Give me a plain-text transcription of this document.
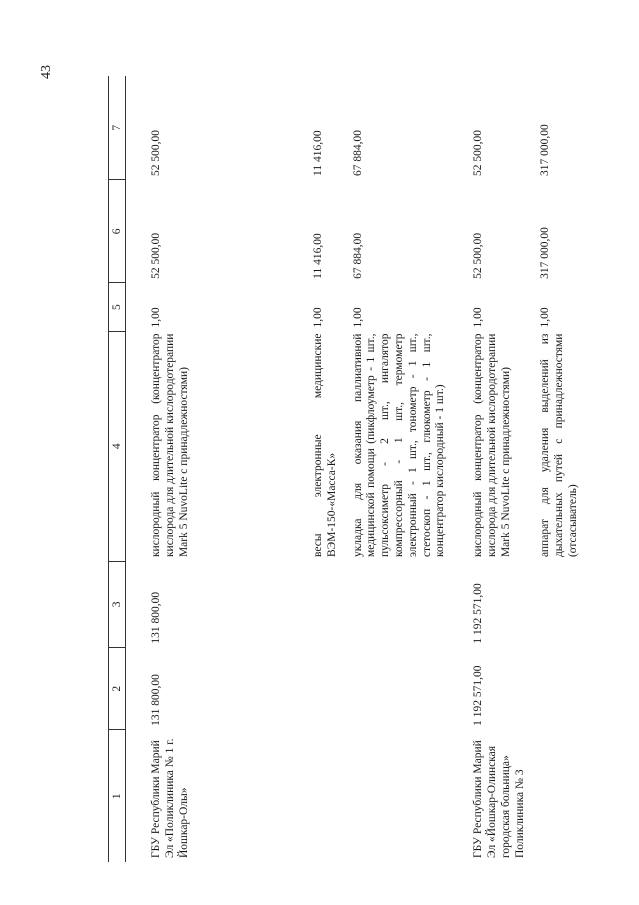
43
1	2	3	4	5	6	7
ГБУ Республики Марий Эл «Поликлиника № 1 г. Йошкар-Олы»	131 800,00	131 800,00	кислородный концентратор (концентратор кислорода для длительной кислородотерапии Mark 5 NuvoLite с принадлежностями)	1,00	52 500,00	52 500,00
			весы электронные медицинские ВЭМ-150-«Масса-К»	1,00	11 416,00	11 416,00
			укладка для оказания паллиативной медицинской помощи (пикфлоуметр - 1 шт., пульсоксиметр - 2 шт., ингалятор компрессорный - 1 шт., термометр электронный - 1 шт., тонометр - 1 шт., стетоскоп - 1 шт., глюкометр - 1 шт., концентратор кислородный - 1 шт.)	1,00	67 884,00	67 884,00
ГБУ Республики Марий Эл «Йошкар-Олинская городская больница» Поликлиника № 3	1 192 571,00	1 192 571,00	кислородный концентратор (концентратор кислорода для длительной кислородотерапии Mark 5 NuvoLite с принадлежностями)	1,00	52 500,00	52 500,00
			аппарат для удаления выделений из дыхательных путей с принадлежностями (отсасыватель)	1,00	317 000,00	317 000,00
